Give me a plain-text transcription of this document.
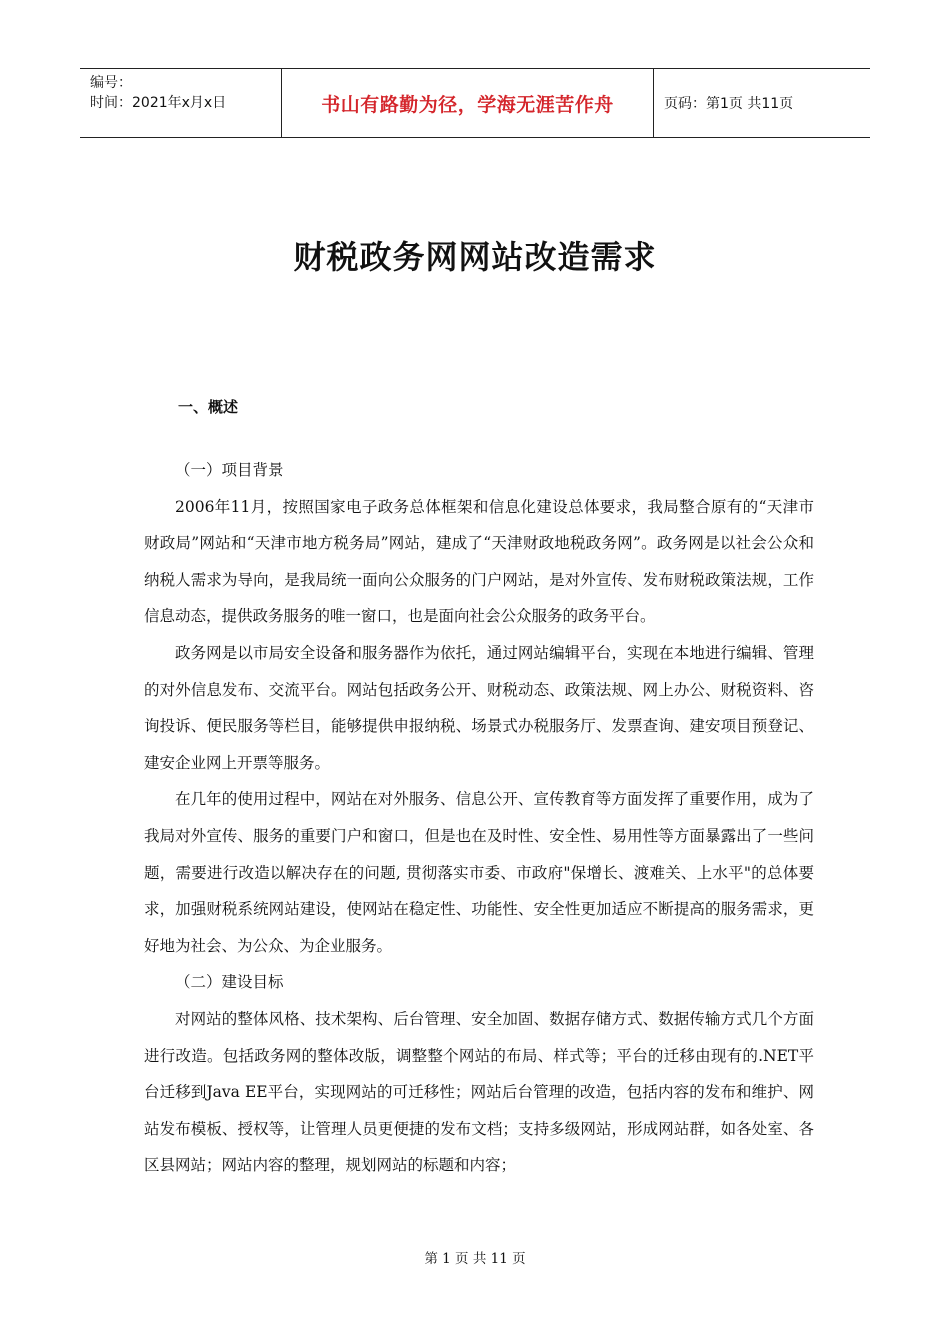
编号：
时间：2021年x月x日	书山有路勤为径，学海无涯苦作舟	页码：第1页 共11页
财税政务网网站改造需求
一、概述

（一）项目背景

2006年11月，按照国家电子政务总体框架和信息化建设总体要求，我局整合原有的“天津市财政局”网站和“天津市地方税务局”网站，建成了“天津财政地税政务网”。政务网是以社会公众和纳税人需求为导向，是我局统一面向公众服务的门户网站，是对外宣传、发布财税政策法规，工作信息动态，提供政务服务的唯一窗口，也是面向社会公众服务的政务平台。

政务网是以市局安全设备和服务器作为依托，通过网站编辑平台，实现在本地进行编辑、管理的对外信息发布、交流平台。网站包括政务公开、财税动态、政策法规、网上办公、财税资料、咨询投诉、便民服务等栏目，能够提供申报纳税、场景式办税服务厅、发票查询、建安项目预登记、建安企业网上开票等服务。

在几年的使用过程中，网站在对外服务、信息公开、宣传教育等方面发挥了重要作用，成为了我局对外宣传、服务的重要门户和窗口，但是也在及时性、安全性、易用性等方面暴露出了一些问题，需要进行改造以解决存在的问题, 贯彻落实市委、市政府"保增长、渡难关、上水平"的总体要求，加强财税系统网站建设，使网站在稳定性、功能性、安全性更加适应不断提高的服务需求，更好地为社会、为公众、为企业服务。

（二）建设目标

对网站的整体风格、技术架构、后台管理、安全加固、数据存储方式、数据传输方式几个方面进行改造。包括政务网的整体改版，调整整个网站的布局、样式等；平台的迁移由现有的.NET平台迁移到Java EE平台，实现网站的可迁移性；网站后台管理的改造，包括内容的发布和维护、网站发布模板、授权等，让管理人员更便捷的发布文档；支持多级网站，形成网站群，如各处室、各区县网站；网站内容的整理，规划网站的标题和内容；

第 1 页 共 11 页
